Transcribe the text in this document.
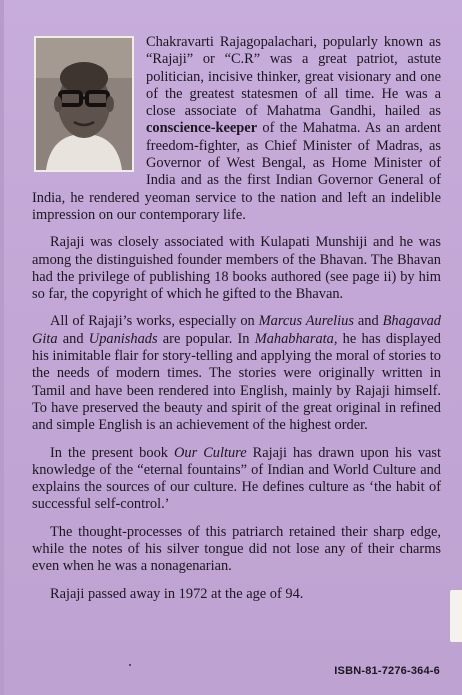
Chakravarti Rajagopalachari, popularly known as “Rajaji” or “C.R” was a great patriot, astute politician, incisive thinker, great visionary and one of the greatest statesmen of all time. He was a close associate of Mahatma Gandhi, hailed as conscience-keeper of the Mahatma. As an ardent freedom-fighter, as Chief Minister of Madras, as Governor of West Bengal, as Home Minister of India and as the first Indian Governor General of India, he rendered yeoman service to the nation and left an indelible impression on our contemporary life.

Rajaji was closely associated with Kulapati Munshiji and he was among the distinguished founder members of the Bhavan. The Bhavan had the privilege of publishing 18 books authored (see page ii) by him so far, the copyright of which he gifted to the Bhavan.

All of Rajaji’s works, especially on Marcus Aurelius and Bhagavad Gita and Upanishads are popular. In Mahabharata, he has displayed his inimitable flair for story-telling and applying the moral of stories to the needs of modern times. The stories were originally written in Tamil and have been rendered into English, mainly by Rajaji himself. To have preserved the beauty and spirit of the great original in refined and simple English is an achievement of the highest order.

In the present book Our Culture Rajaji has drawn upon his vast knowledge of the “eternal fountains” of Indian and World Culture and explains the sources of our culture. He defines culture as ‘the habit of successful self-control.’

The thought-processes of this patriarch retained their sharp edge, while the notes of his silver tongue did not lose any of their charms even when he was a nonagenarian.

Rajaji passed away in 1972 at the age of 94.

ISBN-81-7276-364-6
